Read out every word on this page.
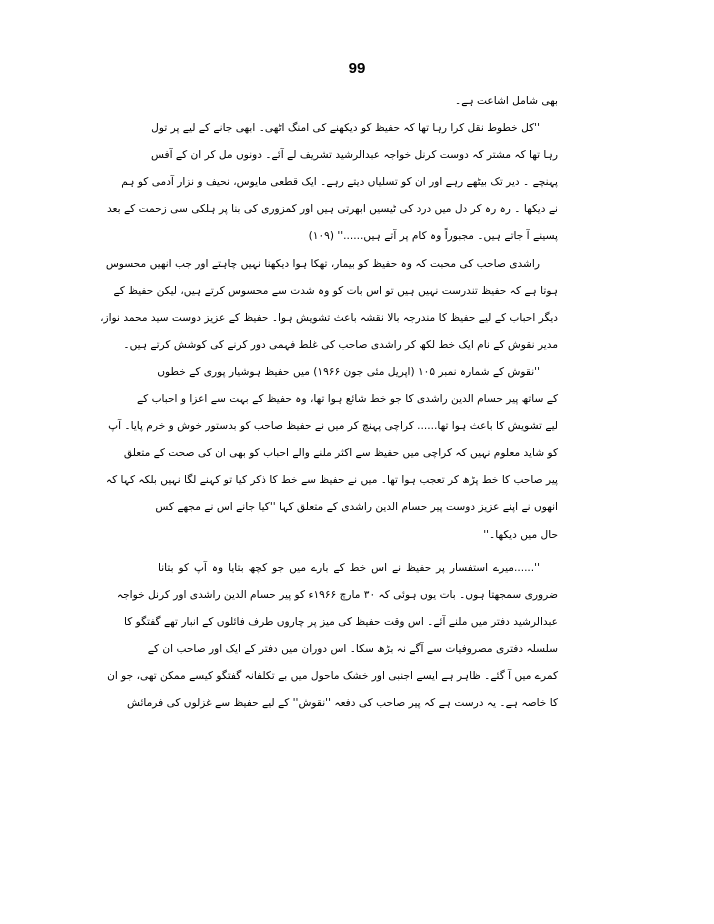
99
بھی شامل اشاعت ہے۔
''کل خطوط نقل کرا رہا تھا کہ حفیظ کو دیکھنے کی امنگ اٹھی۔ ابھی جانے کے لیے پر تول
رہا تھا کہ مشتر کہ دوست کرنل خواجہ عبدالرشید تشریف لے آئے۔ دونوں مل کر ان کے آفس
پہنچے ۔ دیر تک بیٹھے رہے اور ان کو تسلیاں دیتے رہے۔ ایک قطعی مایوس، نحیف و نزار آدمی کو ہم
نے دیکھا ۔ رہ رہ کر دل میں درد کی ٹیسیں ابھرتی ہیں اور کمزوری کی بنا پر ہلکی سی زحمت کے بعد
پسینے آ جاتے ہیں۔ مجبوراً وہ کام پر آتے ہیں......'' (۱۰۹)
راشدی صاحب کی محبت کہ وہ حفیظ کو بیمار، تھکا ہوا دیکھنا نہیں چاہتے اور جب انھیں محسوس
ہوتا ہے کہ حفیظ تندرست نہیں ہیں تو اس بات کو وہ شدت سے محسوس کرتے ہیں، لیکن حفیظ کے
دیگر احباب کے لیے حفیظ کا مندرجہ بالا نقشہ باعث تشویش ہوا۔ حفیظ کے عزیز دوست سید محمد نواز،
مدیر نقوش کے نام ایک خط لکھ کر راشدی صاحب کی غلط فہمی دور کرنے کی کوشش کرتے ہیں۔
''نقوش کے شمارہ نمبر ۱۰۵ (اپریل مئی جون ۱۹۶۶) میں حفیظ ہوشیار پوری کے خطوں
کے ساتھ پیر حسام الدین راشدی کا جو خط شائع ہوا تھا، وہ حفیظ کے بہت سے اعزا و احباب کے
لیے تشویش کا باعث ہوا تھا...... کراچی پہنچ کر میں نے حفیظ صاحب کو بدستور خوش و خرم پایا۔ آپ
کو شاید معلوم نہیں کہ کراچی میں حفیظ سے اکثر ملنے والے احباب کو بھی ان کی صحت کے متعلق
پیر صاحب کا خط پڑھ کر تعجب ہوا تھا۔ میں نے حفیظ سے خط کا ذکر کیا تو کہنے لگا نہیں بلکہ کہا کہ
انھوں نے اپنے عزیز دوست پیر حسام الدین راشدی کے متعلق کہا ''کیا جانے اس نے مجھے کس
حال میں دیکھا۔''
''......میرے استفسار پر حفیظ نے اس خط کے بارے میں جو کچھ بتایا وہ آپ کو بتانا
ضروری سمجھتا ہوں۔ بات یوں ہوئی کہ ۳۰ مارچ ۱۹۶۶ء کو پیر حسام الدین راشدی اور کرنل خواجہ
عبدالرشید دفتر میں ملنے آئے۔ اس وقت حفیظ کی میز پر چاروں طرف فائلوں کے انبار تھے گفتگو کا
سلسلہ دفتری مصروفیات سے آگے نہ بڑھ سکا۔ اس دوران میں دفتر کے ایک اور صاحب ان کے
کمرے میں آ گئے۔ ظاہر ہے ایسے اجنبی اور خشک ماحول میں بے تکلفانہ گفتگو کیسے ممکن تھی، جو ان
کا خاصہ ہے۔ یہ درست ہے کہ پیر صاحب کی دفعہ ''نقوش'' کے لیے حفیظ سے غزلوں کی فرمائش
